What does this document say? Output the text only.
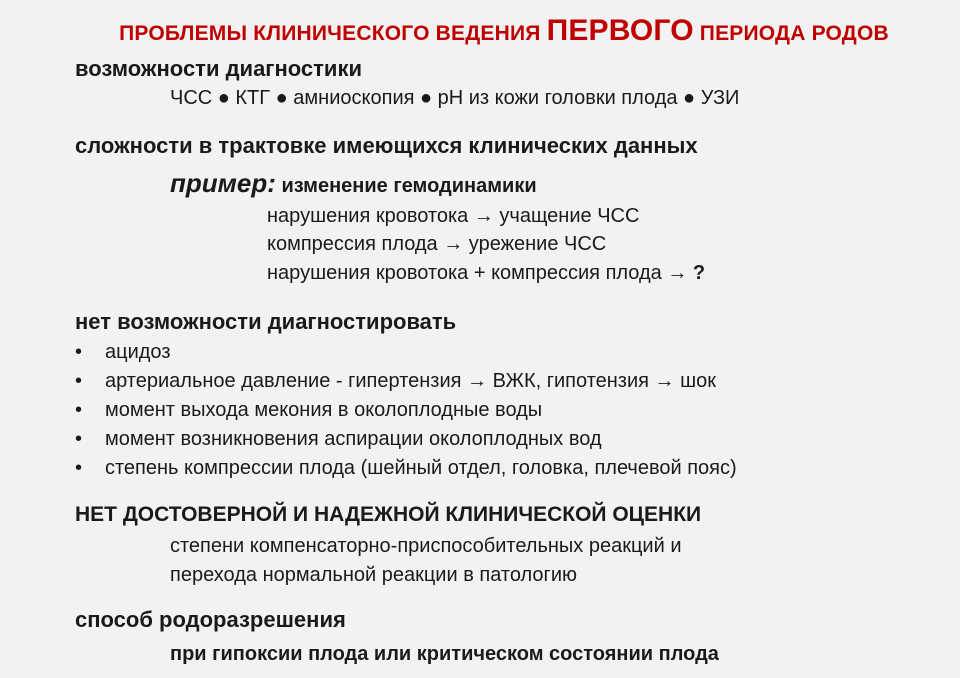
ПРОБЛЕМЫ КЛИНИЧЕСКОГО ВЕДЕНИЯ ПЕРВОГО ПЕРИОДА РОДОВ
возможности диагностики
ЧСС ● КТГ ● амниоскопия ● рН из кожи головки плода ● УЗИ
сложности в трактовке имеющихся клинических данных
пример: изменение гемодинамики
нарушения кровотока → учащение ЧСС
компрессия плода → урежение ЧСС
нарушения кровотока + компрессия плода → ?
нет возможности диагностировать
•	ацидоз
•	артериальное давление - гипертензия → ВЖК, гипотензия → шок
•	момент выхода мекония в околоплодные воды
•	момент возникновения аспирации околоплодных вод
•	степень компрессии плода (шейный отдел, головка, плечевой пояс)
НЕТ ДОСТОВЕРНОЙ И НАДЕЖНОЙ КЛИНИЧЕСКОЙ ОЦЕНКИ
степени компенсаторно-приспособительных реакций и
перехода нормальной реакции в патологию
способ родоразрешения
при гипоксии плода или критическом состоянии плода
